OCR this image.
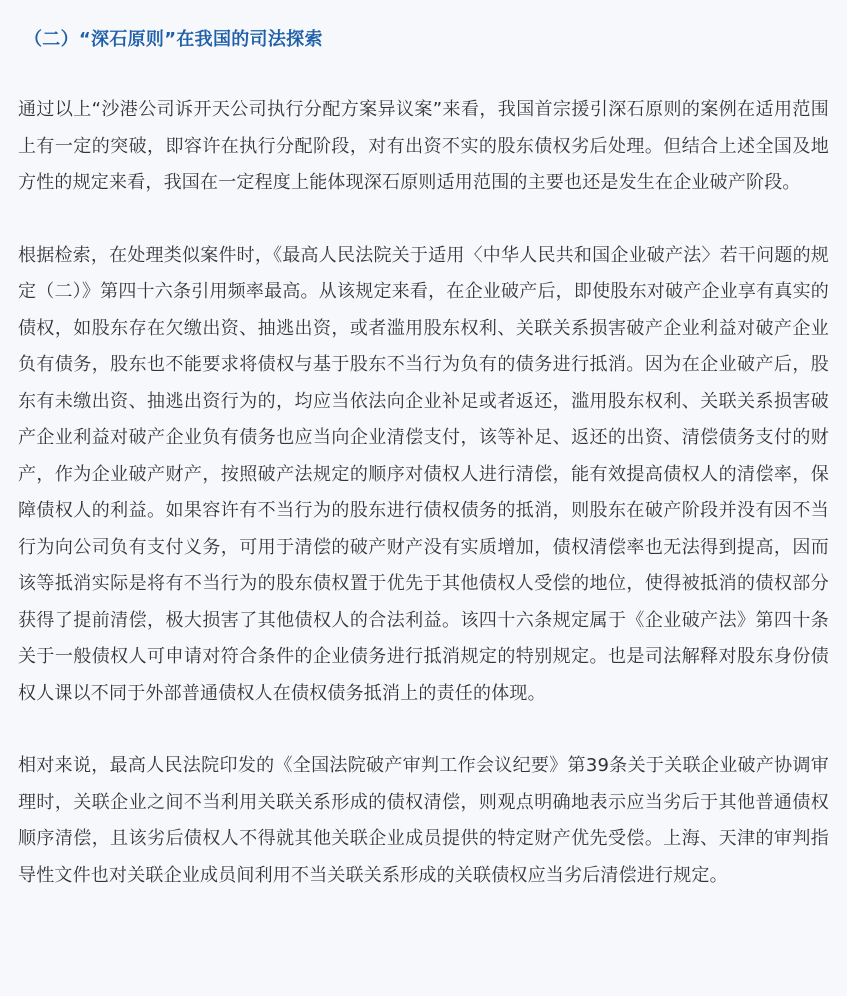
（二）“深石原则”在我国的司法探索

通过以上“沙港公司诉开天公司执行分配方案异议案”来看，我国首宗援引深石原则的案例在适用范围上有一定的突破，即容许在执行分配阶段，对有出资不实的股东债权劣后处理。但结合上述全国及地方性的规定来看，我国在一定程度上能体现深石原则适用范围的主要也还是发生在企业破产阶段。

根据检索，在处理类似案件时，《最高人民法院关于适用〈中华人民共和国企业破产法〉若干问题的规定（二）》第四十六条引用频率最高。从该规定来看，在企业破产后，即使股东对破产企业享有真实的债权，如股东存在欠缴出资、抽逃出资，或者滥用股东权利、关联关系损害破产企业利益对破产企业负有债务，股东也不能要求将债权与基于股东不当行为负有的债务进行抵消。因为在企业破产后，股东有未缴出资、抽逃出资行为的，均应当依法向企业补足或者返还，滥用股东权利、关联关系损害破产企业利益对破产企业负有债务也应当向企业清偿支付，该等补足、返还的出资、清偿债务支付的财产，作为企业破产财产，按照破产法规定的顺序对债权人进行清偿，能有效提高债权人的清偿率，保障债权人的利益。如果容许有不当行为的股东进行债权债务的抵消，则股东在破产阶段并没有因不当行为向公司负有支付义务，可用于清偿的破产财产没有实质增加，债权清偿率也无法得到提高，因而该等抵消实际是将有不当行为的股东债权置于优先于其他债权人受偿的地位，使得被抵消的债权部分获得了提前清偿，极大损害了其他债权人的合法利益。该四十六条规定属于《企业破产法》第四十条关于一般债权人可申请对符合条件的企业债务进行抵消规定的特别规定。也是司法解释对股东身份债权人课以不同于外部普通债权人在债权债务抵消上的责任的体现。

相对来说，最高人民法院印发的《全国法院破产审判工作会议纪要》第39条关于关联企业破产协调审理时，关联企业之间不当利用关联关系形成的债权清偿，则观点明确地表示应当劣后于其他普通债权顺序清偿，且该劣后债权人不得就其他关联企业成员提供的特定财产优先受偿。上海、天津的审判指导性文件也对关联企业成员间利用不当关联关系形成的关联债权应当劣后清偿进行规定。
